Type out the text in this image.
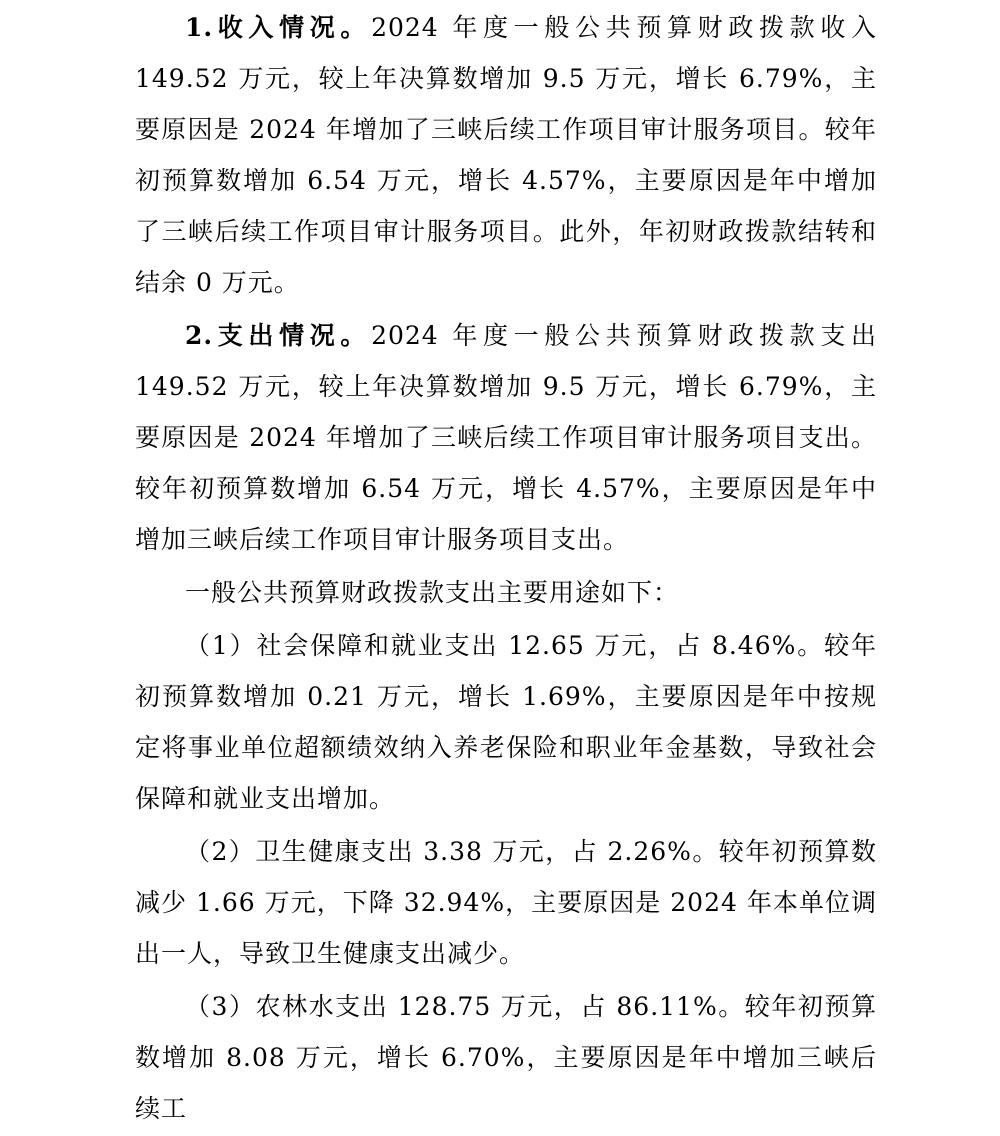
1.收入情况。2024 年度一般公共预算财政拨款收入 149.52 万元，较上年决算数增加 9.5 万元，增长 6.79%，主要原因是 2024 年增加了三峡后续工作项目审计服务项目。较年初预算数增加 6.54 万元，增长 4.57%，主要原因是年中增加了三峡后续工作项目审计服务项目。此外，年初财政拨款结转和结余 0 万元。

2.支出情况。2024 年度一般公共预算财政拨款支出 149.52 万元，较上年决算数增加 9.5 万元，增长 6.79%，主要原因是 2024 年增加了三峡后续工作项目审计服务项目支出。较年初预算数增加 6.54 万元，增长 4.57%，主要原因是年中增加三峡后续工作项目审计服务项目支出。

一般公共预算财政拨款支出主要用途如下：

（1）社会保障和就业支出 12.65 万元，占 8.46%。较年初预算数增加 0.21 万元，增长 1.69%，主要原因是年中按规定将事业单位超额绩效纳入养老保险和职业年金基数，导致社会保障和就业支出增加。

（2）卫生健康支出 3.38 万元，占 2.26%。较年初预算数减少 1.66 万元，下降 32.94%，主要原因是 2024 年本单位调出一人，导致卫生健康支出减少。

（3）农林水支出 128.75 万元，占 86.11%。较年初预算数增加 8.08 万元，增长 6.70%，主要原因是年中增加三峡后续工
